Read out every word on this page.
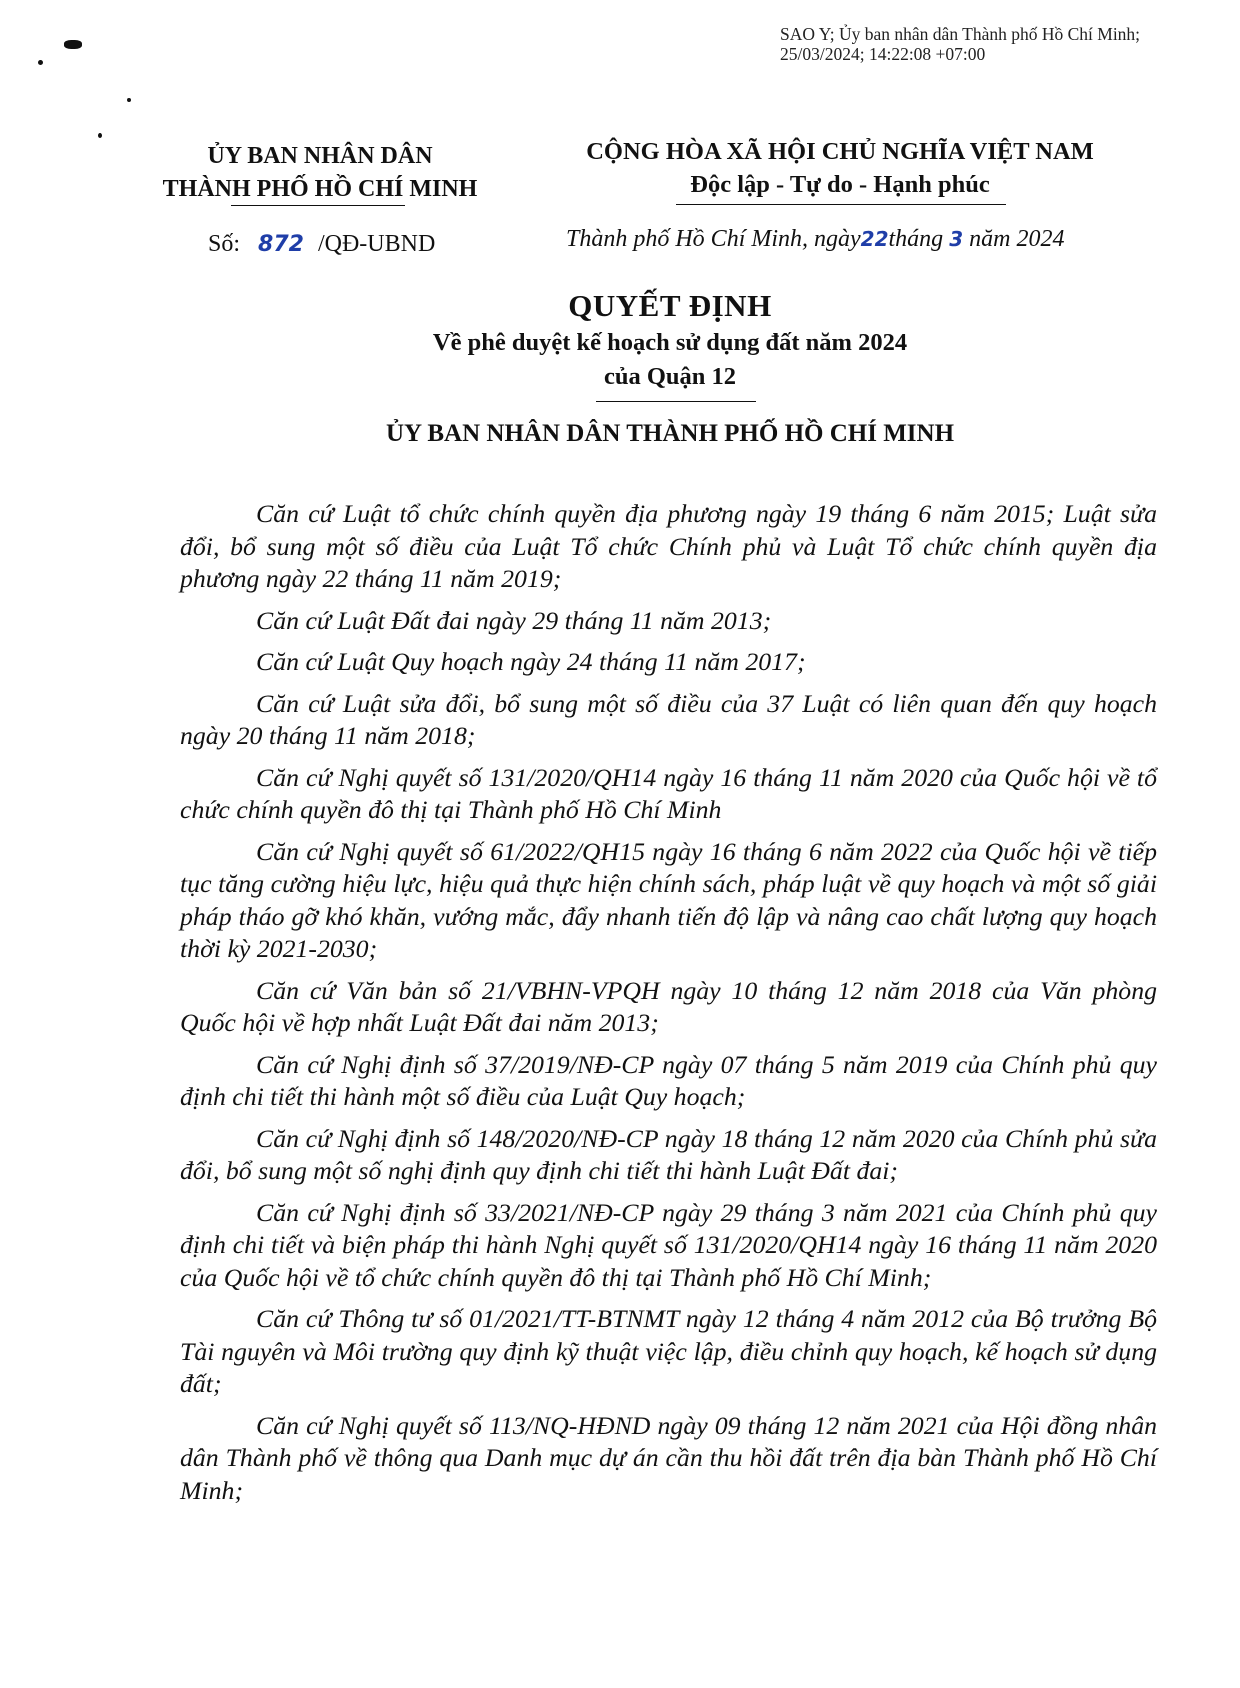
SAO Y; Ủy ban nhân dân Thành phố Hồ Chí Minh;
25/03/2024; 14:22:08 +07:00
ỦY BAN NHÂN DÂN
THÀNH PHỐ HỒ CHÍ MINH
CỘNG HÒA XÃ HỘI CHỦ NGHĨA VIỆT NAM
Độc lập - Tự do - Hạnh phúc
Số: 872 /QĐ-UBND	Thành phố Hồ Chí Minh, ngày22tháng 3 năm 2024
QUYẾT ĐỊNH
Về phê duyệt kế hoạch sử dụng đất năm 2024
của Quận 12
ỦY BAN NHÂN DÂN THÀNH PHỐ HỒ CHÍ MINH

Căn cứ Luật tổ chức chính quyền địa phương ngày 19 tháng 6 năm 2015; Luật sửa đổi, bổ sung một số điều của Luật Tổ chức Chính phủ và Luật Tổ chức chính quyền địa phương ngày 22 tháng 11 năm 2019;

Căn cứ Luật Đất đai ngày 29 tháng 11 năm 2013;

Căn cứ Luật Quy hoạch ngày 24 tháng 11 năm 2017;

Căn cứ Luật sửa đổi, bổ sung một số điều của 37 Luật có liên quan đến quy hoạch ngày 20 tháng 11 năm 2018;

Căn cứ Nghị quyết số 131/2020/QH14 ngày 16 tháng 11 năm 2020 của Quốc hội về tổ chức chính quyền đô thị tại Thành phố Hồ Chí Minh

Căn cứ Nghị quyết số 61/2022/QH15 ngày 16 tháng 6 năm 2022 của Quốc hội về tiếp tục tăng cường hiệu lực, hiệu quả thực hiện chính sách, pháp luật về quy hoạch và một số giải pháp tháo gỡ khó khăn, vướng mắc, đẩy nhanh tiến độ lập và nâng cao chất lượng quy hoạch thời kỳ 2021-2030;

Căn cứ Văn bản số 21/VBHN-VPQH ngày 10 tháng 12 năm 2018 của Văn phòng Quốc hội về hợp nhất Luật Đất đai năm 2013;

Căn cứ Nghị định số 37/2019/NĐ-CP ngày 07 tháng 5 năm 2019 của Chính phủ quy định chi tiết thi hành một số điều của Luật Quy hoạch;

Căn cứ Nghị định số 148/2020/NĐ-CP ngày 18 tháng 12 năm 2020 của Chính phủ sửa đổi, bổ sung một số nghị định quy định chi tiết thi hành Luật Đất đai;

Căn cứ Nghị định số 33/2021/NĐ-CP ngày 29 tháng 3 năm 2021 của Chính phủ quy định chi tiết và biện pháp thi hành Nghị quyết số 131/2020/QH14 ngày 16 tháng 11 năm 2020 của Quốc hội về tổ chức chính quyền đô thị tại Thành phố Hồ Chí Minh;

Căn cứ Thông tư số 01/2021/TT-BTNMT ngày 12 tháng 4 năm 2012 của Bộ trưởng Bộ Tài nguyên và Môi trường quy định kỹ thuật việc lập, điều chỉnh quy hoạch, kế hoạch sử dụng đất;

Căn cứ Nghị quyết số 113/NQ-HĐND ngày 09 tháng 12 năm 2021 của Hội đồng nhân dân Thành phố về thông qua Danh mục dự án cần thu hồi đất trên địa bàn Thành phố Hồ Chí Minh;
